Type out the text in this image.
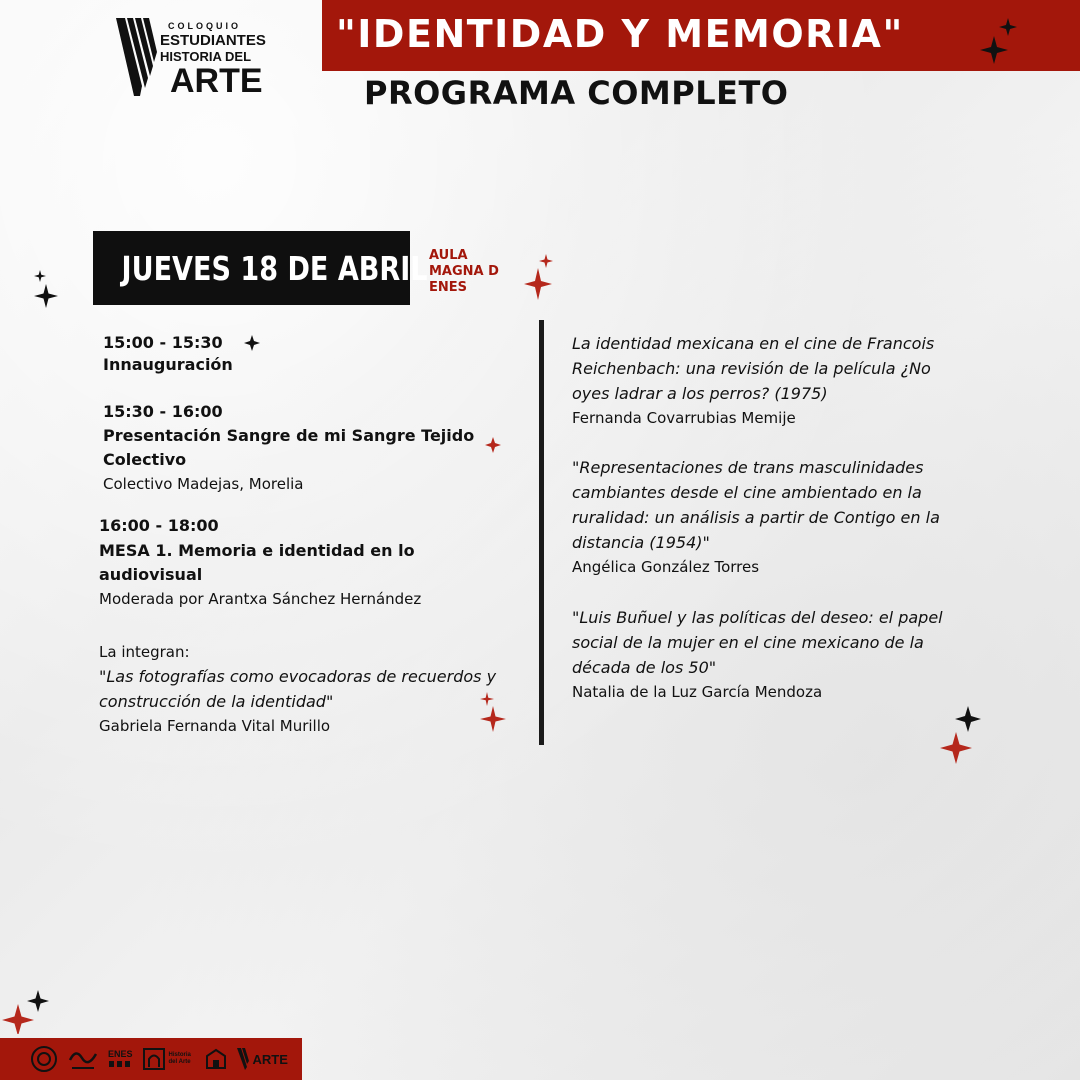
COLOQUIO
ESTUDIANTES
HISTORIA DEL
ARTE
"IDENTIDAD Y MEMORIA"
PROGRAMA COMPLETO
JUEVES 18 DE ABRIL AULA
MAGNA D
ENES
15:00 - 15:30
Innauguración
15:30 - 16:00
Presentación Sangre de mi Sangre Tejido Colectivo
Colectivo Madejas, Morelia
16:00 - 18:00
MESA 1. Memoria e identidad en lo audiovisual
Moderada por Arantxa Sánchez Hernández
La integran:
"Las fotografías como evocadoras de recuerdos y construcción de la identidad"
Gabriela Fernanda Vital Murillo
La identidad mexicana en el cine de Francois Reichenbach: una revisión de la película ¿No oyes ladrar a los perros? (1975)
Fernanda Covarrubias Memije
"Representaciones de trans masculinidades cambiantes desde el cine ambientado en la ruralidad: un análisis a partir de Contigo en la distancia (1954)"
Angélica González Torres
"Luis Buñuel y las políticas del deseo: el papel social de la mujer en el cine mexicano de la década de los 50"
Natalia de la Luz García Mendoza
ENES	Historia del Arte	ARTE
